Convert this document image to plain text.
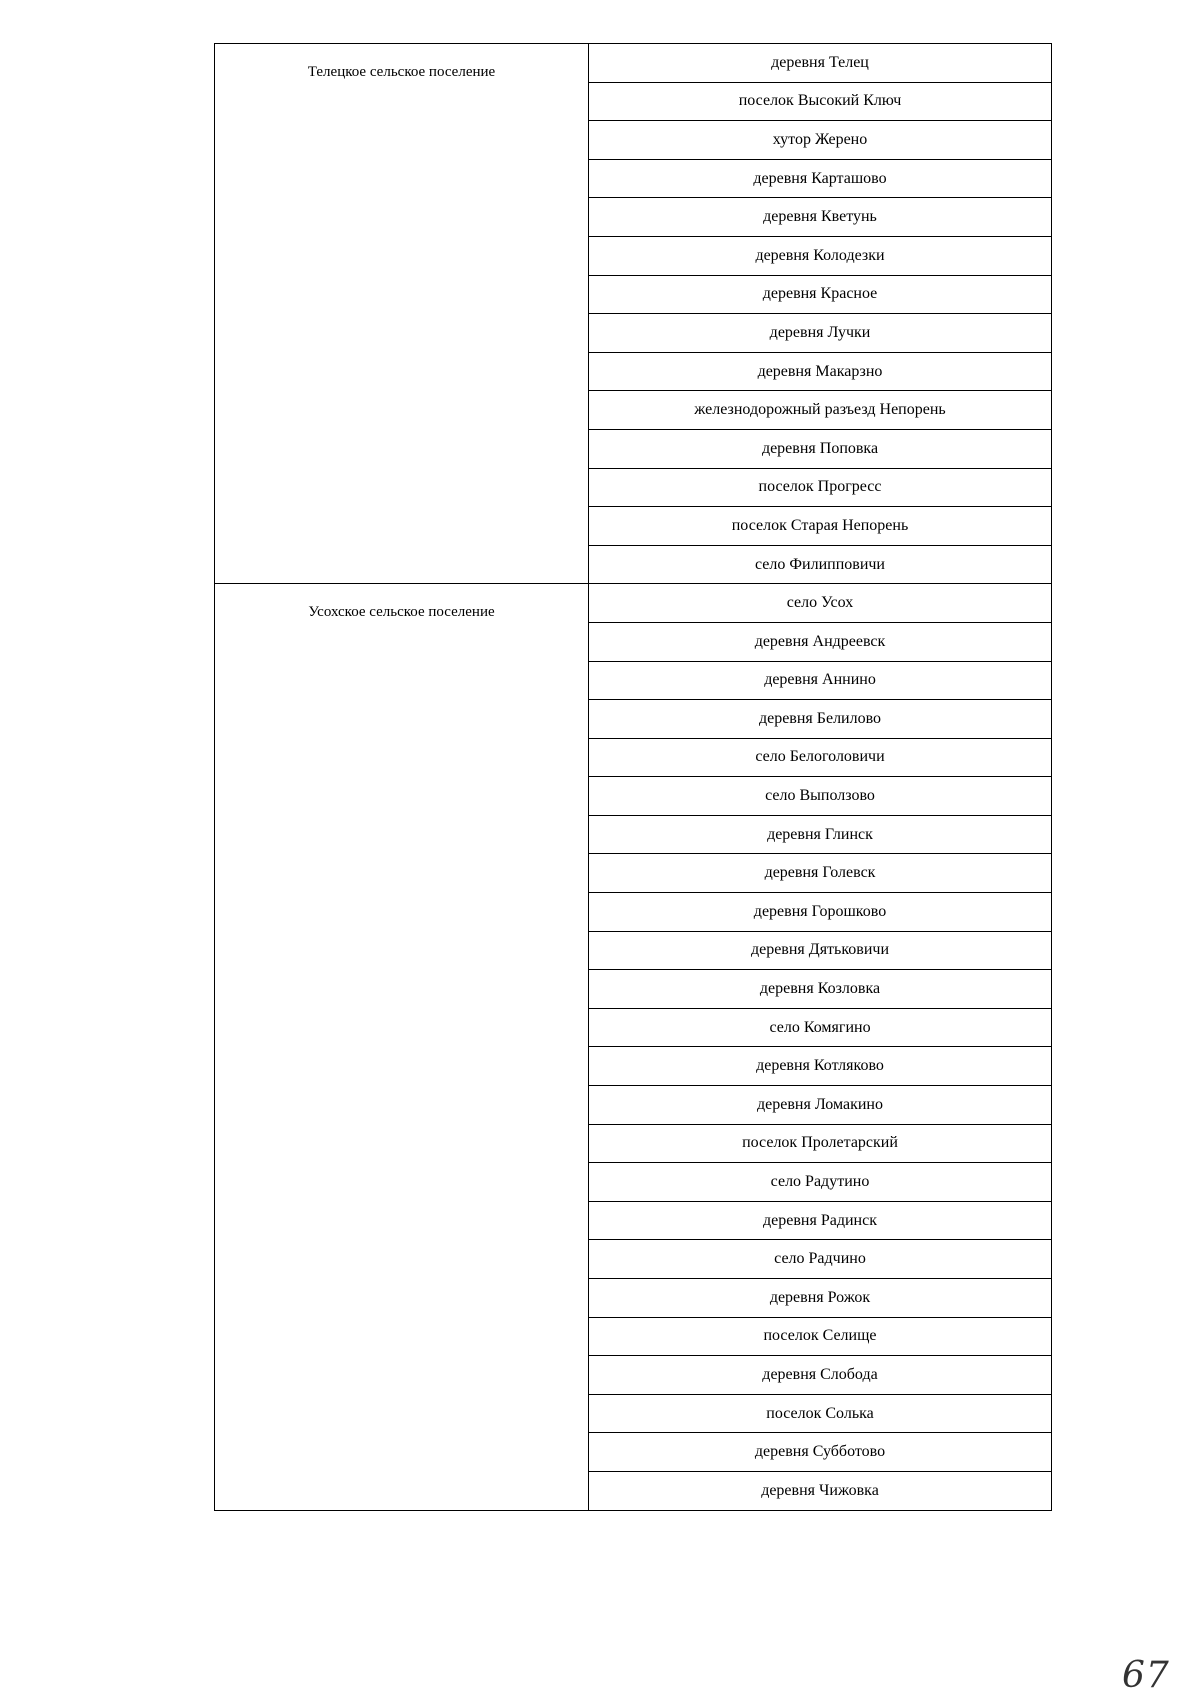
Телецкое сельское поселение	деревня Телец
	поселок Высокий Ключ
	хутор Жерено
	деревня Карташово
	деревня Кветунь
	деревня Колодезки
	деревня Красное
	деревня Лучки
	деревня Макарзно
	железнодорожный разъезд Непорень
	деревня Поповка
	поселок Прогресс
	поселок Старая Непорень
	село Филипповичи

Усохское сельское поселение	село Усох
	деревня Андреевск
	деревня Аннино
	деревня Белилово
	село Белоголовичи
	село Выползово
	деревня Глинск
	деревня Голевск
	деревня Горошково
	деревня Дятьковичи
	деревня Козловка
	село Комягино
	деревня Котляково
	деревня Ломакино
	поселок Пролетарский
	село Радутино
	деревня Радинск
	село Радчино
	деревня Рожок
	поселок Селище
	деревня Слобода
	поселок Солька
	деревня Субботово
	деревня Чижовка
67
